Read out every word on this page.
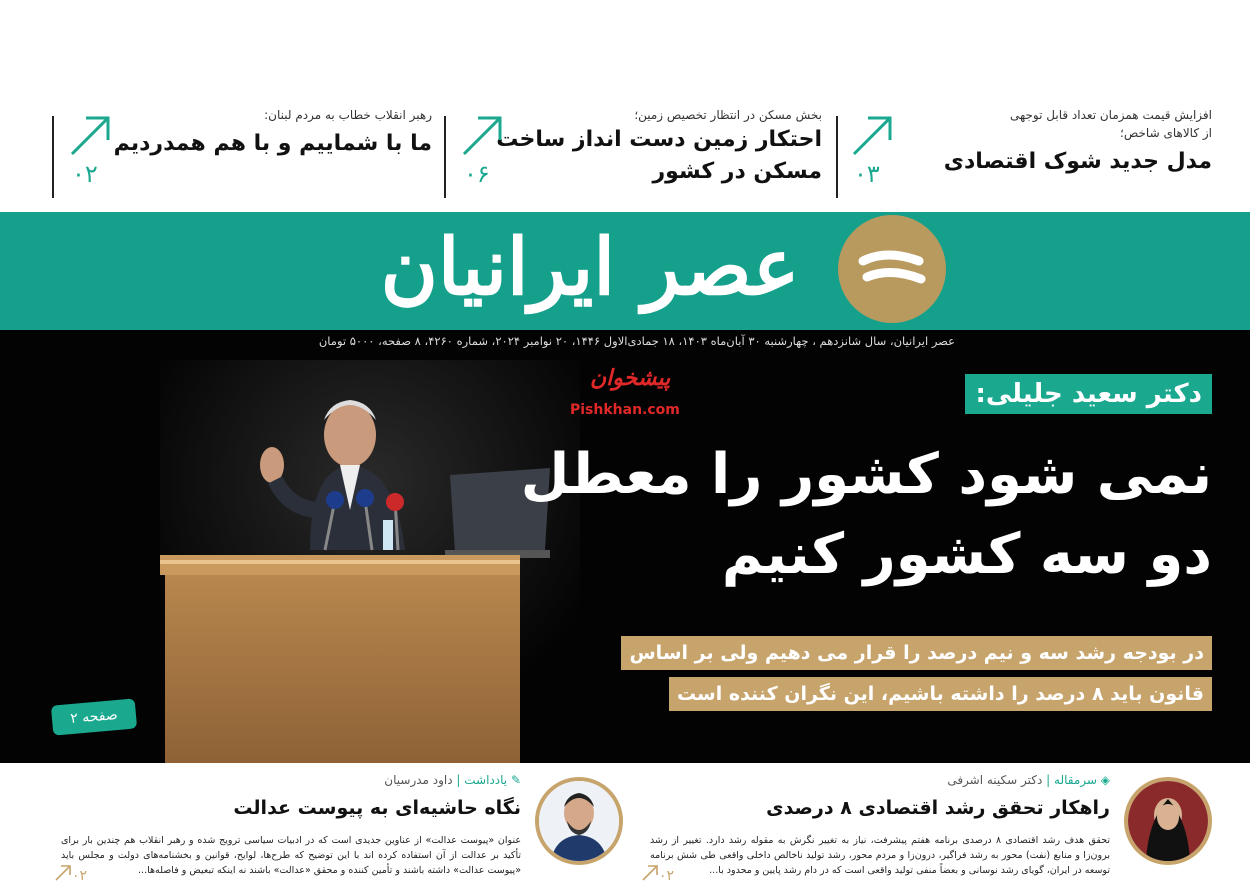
افزایش قیمت همزمان تعداد قابل توجهی
از کالاهای شاخص؛
مدل جدید شوک اقتصادی
۰۳
بخش مسکن در انتظار تخصیص زمین؛
احتکار زمین دست انداز ساخت
مسکن در کشور
۰۶
رهبر انقلاب خطاب به مردم لبنان:
ما با شماییم و با هم همدردیم
۰۲
عصر ایرانیان
عصر ایرانیان، سال شانزدهم ، چهارشنبه ۳۰ آبان‌ماه ۱۴۰۳، ۱۸ جمادی‌الاول ۱۴۴۶، ۲۰ نوامبر ۲۰۲۴، شماره ۴۲۶۰، ۸ صفحه، ۵۰۰۰ تومان
پیشخوان
Pishkhan.com
دکتر سعید جلیلی:
نمی شود کشور را معطل
دو سه کشور کنیم
در بودجه رشد سه و نیم درصد را قرار می دهیم ولی بر اساس
قانون باید ۸ درصد را داشته باشیم، این نگران کننده است
صفحه ۲
◈ سرمقاله | دکتر سکینه اشرفی
راهکار تحقق رشد اقتصادی ۸ درصدی
تحقق هدف رشد اقتصادی ۸ درصدی برنامه هفتم پیشرفت، نیاز به تغییر نگرش به مقوله رشد دارد. تغییر از رشد برون‌زا و منابع (نفت) محور به رشد فراگیر، درون‌زا و مردم محور، رشد تولید ناخالص داخلی واقعی طی شش برنامه توسعه در ایران، گویای رشد نوسانی و بعضاً منفی تولید واقعی است که در دام رشد پایین و محدود با...
۰۲
✎ یادداشت | داود مدرسیان
نگاه حاشیه‌ای به پیوست عدالت
عنوان «پیوست عدالت» از عناوین جدیدی است که در ادبیات سیاسی ترویج شده و رهبر انقلاب هم چندین بار برای تأکید بر عدالت از آن استفاده کرده اند با این توضیح که طرح‌ها، لوایح، قوانین و بخشنامه‌های دولت و مجلس باید «پیوست عدالت» داشته باشند و تأمین کننده و محقق «عدالت» باشند نه اینکه تبعیض و فاصله‌ها...
۰۲
